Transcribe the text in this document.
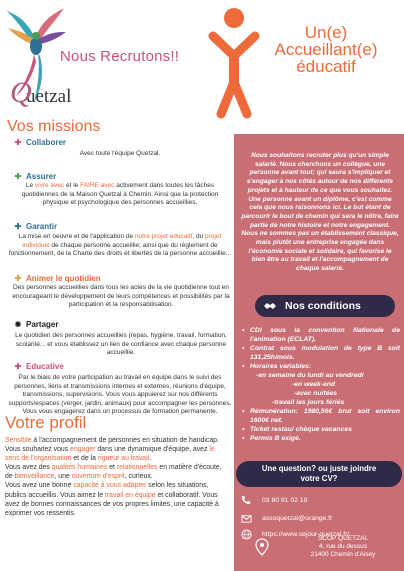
Q
uetzal
Nous Recrutons!!
Un(e)
Accueillant(e)
éducatif
Nous souhaitons recruter plus qu'un simple salarié. Nous cherchons un collègue, une personne avant tout; qui saura s'impliquer et s'engager à nos côtés autour de nos différents projets et à hauteur de ce que vous souhaitez. Une personne avant un diplôme, c'est comme cela que nous raisonnons ici. Le but étant de parcourir le bout de chemin qui sera le nôtre, faire partie de notre histoire et notre engagement. Nous ne sommes pas un établissement classique, mais plutôt une entreprise engagée dans l'économie sociale et solidaire, qui favorise le bien être au travail et l'accompagnement de chaque salarié.
Nos conditions
• CDI sous la convention Nationale de l'animation (ECLAT).
• Contrat sous modulation de type B soit 131,25h/mois.
• Horaires variables:
-en semaine du lundi au vendredi
-en week-end
-avec nuitées
-travail les jours fériés
• Rémunération: 1980,56€ brut soit environ 1600€ net.
• Ticket restau/ chèque vacances
• Permis B exigé.
Une question? ou juste joindre
votre CV?
03 80 91 02 19
assoquetzal@orange.fr
https://www.sejour-quetzal.fr/
SCOP QUETZAL
4, rue du dessus
21400 Chemin d'Aisey
Vos missions
✚ Collaborer
Avec toute l'équipe Quetzal.
✚ Assurer
Le vivre avec et le FAIRE avec activement dans toutes les tâches quotidiennes de la Maison Quetzal à Chemin. Ainsi que la protection physique et psychologique des personnes accueillies.
✚ Garantir
La mise en oeuvre et de l'application de notre projet éducatif, du projet individuel de chaque personne accueillie; ainsi que du règlement de fonctionnement, de la Charte des droits et libertés de la personne accueillie...
✚ Animer le quotidien
Des personnes accueillies dans tous les actes de la vie quotidienne tout en encourageant le développement de leurs compétences et possibilités par la participation et la responsabilisation.
✹ Partager
Le quotidien des personnes accueillies (repas, hygiène, travail, formation, scolarité... et vous établissez un lien de confiance avec chaque personne accueillie.
✚ Educative
Par le biais de votre participation au travail en équipe dans le suivi des personnes, liens et transmissions internes et externes, réunions d'équipe, transmissions, supervisions. Vous vous appuierez sur nos différents supports/espaces (verger, jardin, animaux) pour accompagner les personnes. Vous vous engagerez dans un processus de formation permanente.
Votre profil
Sensible à l'accompagnement de personnes en situation de handicap.
Vous souhaitez vous engager dans une dynamique d'équipe, avez le sens de l'organisation et de la rigueur au travail.
Vous avez des qualités humaines et relationnelles en matière d'écoute, de bienveillance, une ouverture d'esprit, curieux.
Vous avez une bonne capacité à vous adapter selon les situations, publics accueillis. Vous aimez le travail en équipe et collaboratif. Vous avez de bonnes connaissances de vos propres limites, une capacité à exprimer vos ressentis.
